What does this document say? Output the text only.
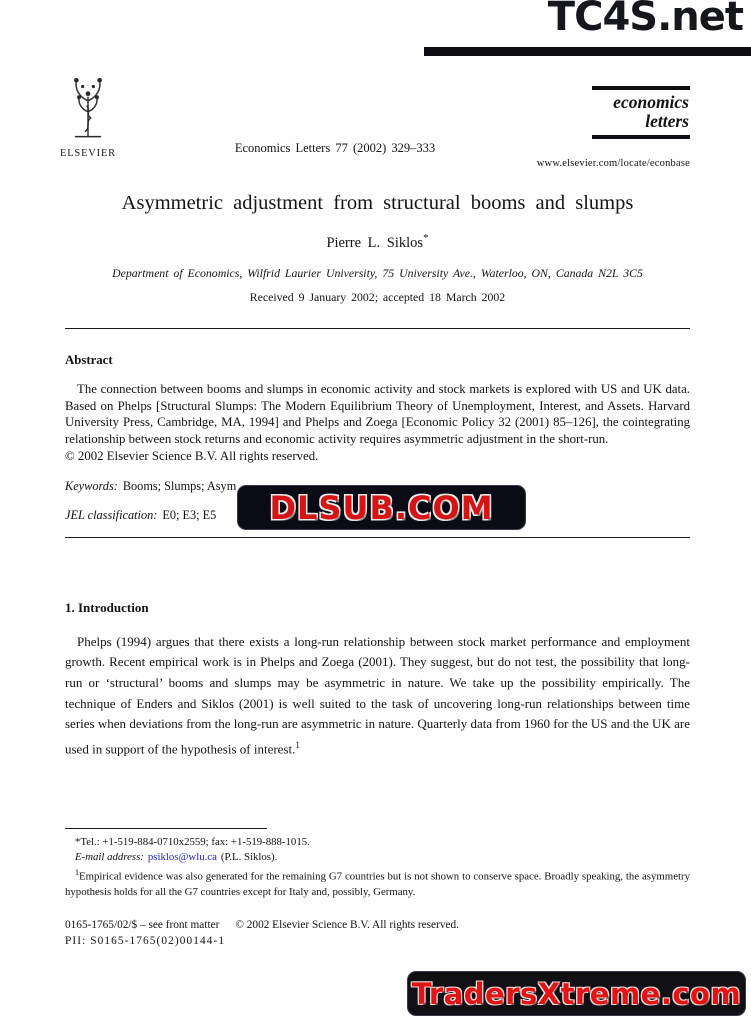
TC4S.net
ELSEVIER	Economics Letters 77 (2002) 329–333
economics
letters
www.elsevier.com/locate/econbase
Asymmetric adjustment from structural booms and slumps
Pierre L. Siklos*
Department of Economics, Wilfrid Laurier University, 75 University Ave., Waterloo, ON, Canada N2L 3C5
Received 9 January 2002; accepted 18 March 2002
Abstract

The connection between booms and slumps in economic activity and stock markets is explored with US and UK data. Based on Phelps [Structural Slumps: The Modern Equilibrium Theory of Unemployment, Interest, and Assets. Harvard University Press, Cambridge, MA, 1994] and Phelps and Zoega [Economic Policy 32 (2001) 85–126], the cointegrating relationship between stock returns and economic activity requires asymmetric adjustment in the short-run.

© 2002 Elsevier Science B.V. All rights reserved.

Keywords: Booms; Slumps; Asym

JEL classification: E0; E3; E5

1. Introduction

Phelps (1994) argues that there exists a long-run relationship between stock market performance and employment growth. Recent empirical work is in Phelps and Zoega (2001). They suggest, but do not test, the possibility that long-run or ‘structural’ booms and slumps may be asymmetric in nature. We take up the possibility empirically. The technique of Enders and Siklos (2001) is well suited to the task of uncovering long-run relationships between time series when deviations from the long-run are asymmetric in nature. Quarterly data from 1960 for the US and the UK are used in support of the hypothesis of interest.$^1$

*Tel.: +1-519-884-0710x2559; fax: +1-519-888-1015.

E-mail address: psiklos@wlu.ca (P.L. Siklos).

$^1$Empirical evidence was also generated for the remaining G7 countries but is not shown to conserve space. Broadly speaking, the asymmetry hypothesis holds for all the G7 countries except for Italy and, possibly, Germany.

0165-1765/02/$ – see front matter © 2002 Elsevier Science B.V. All rights reserved.

PII: S0165-1765(02)00144-1

DLSUB.COM
TradersXtreme.com
